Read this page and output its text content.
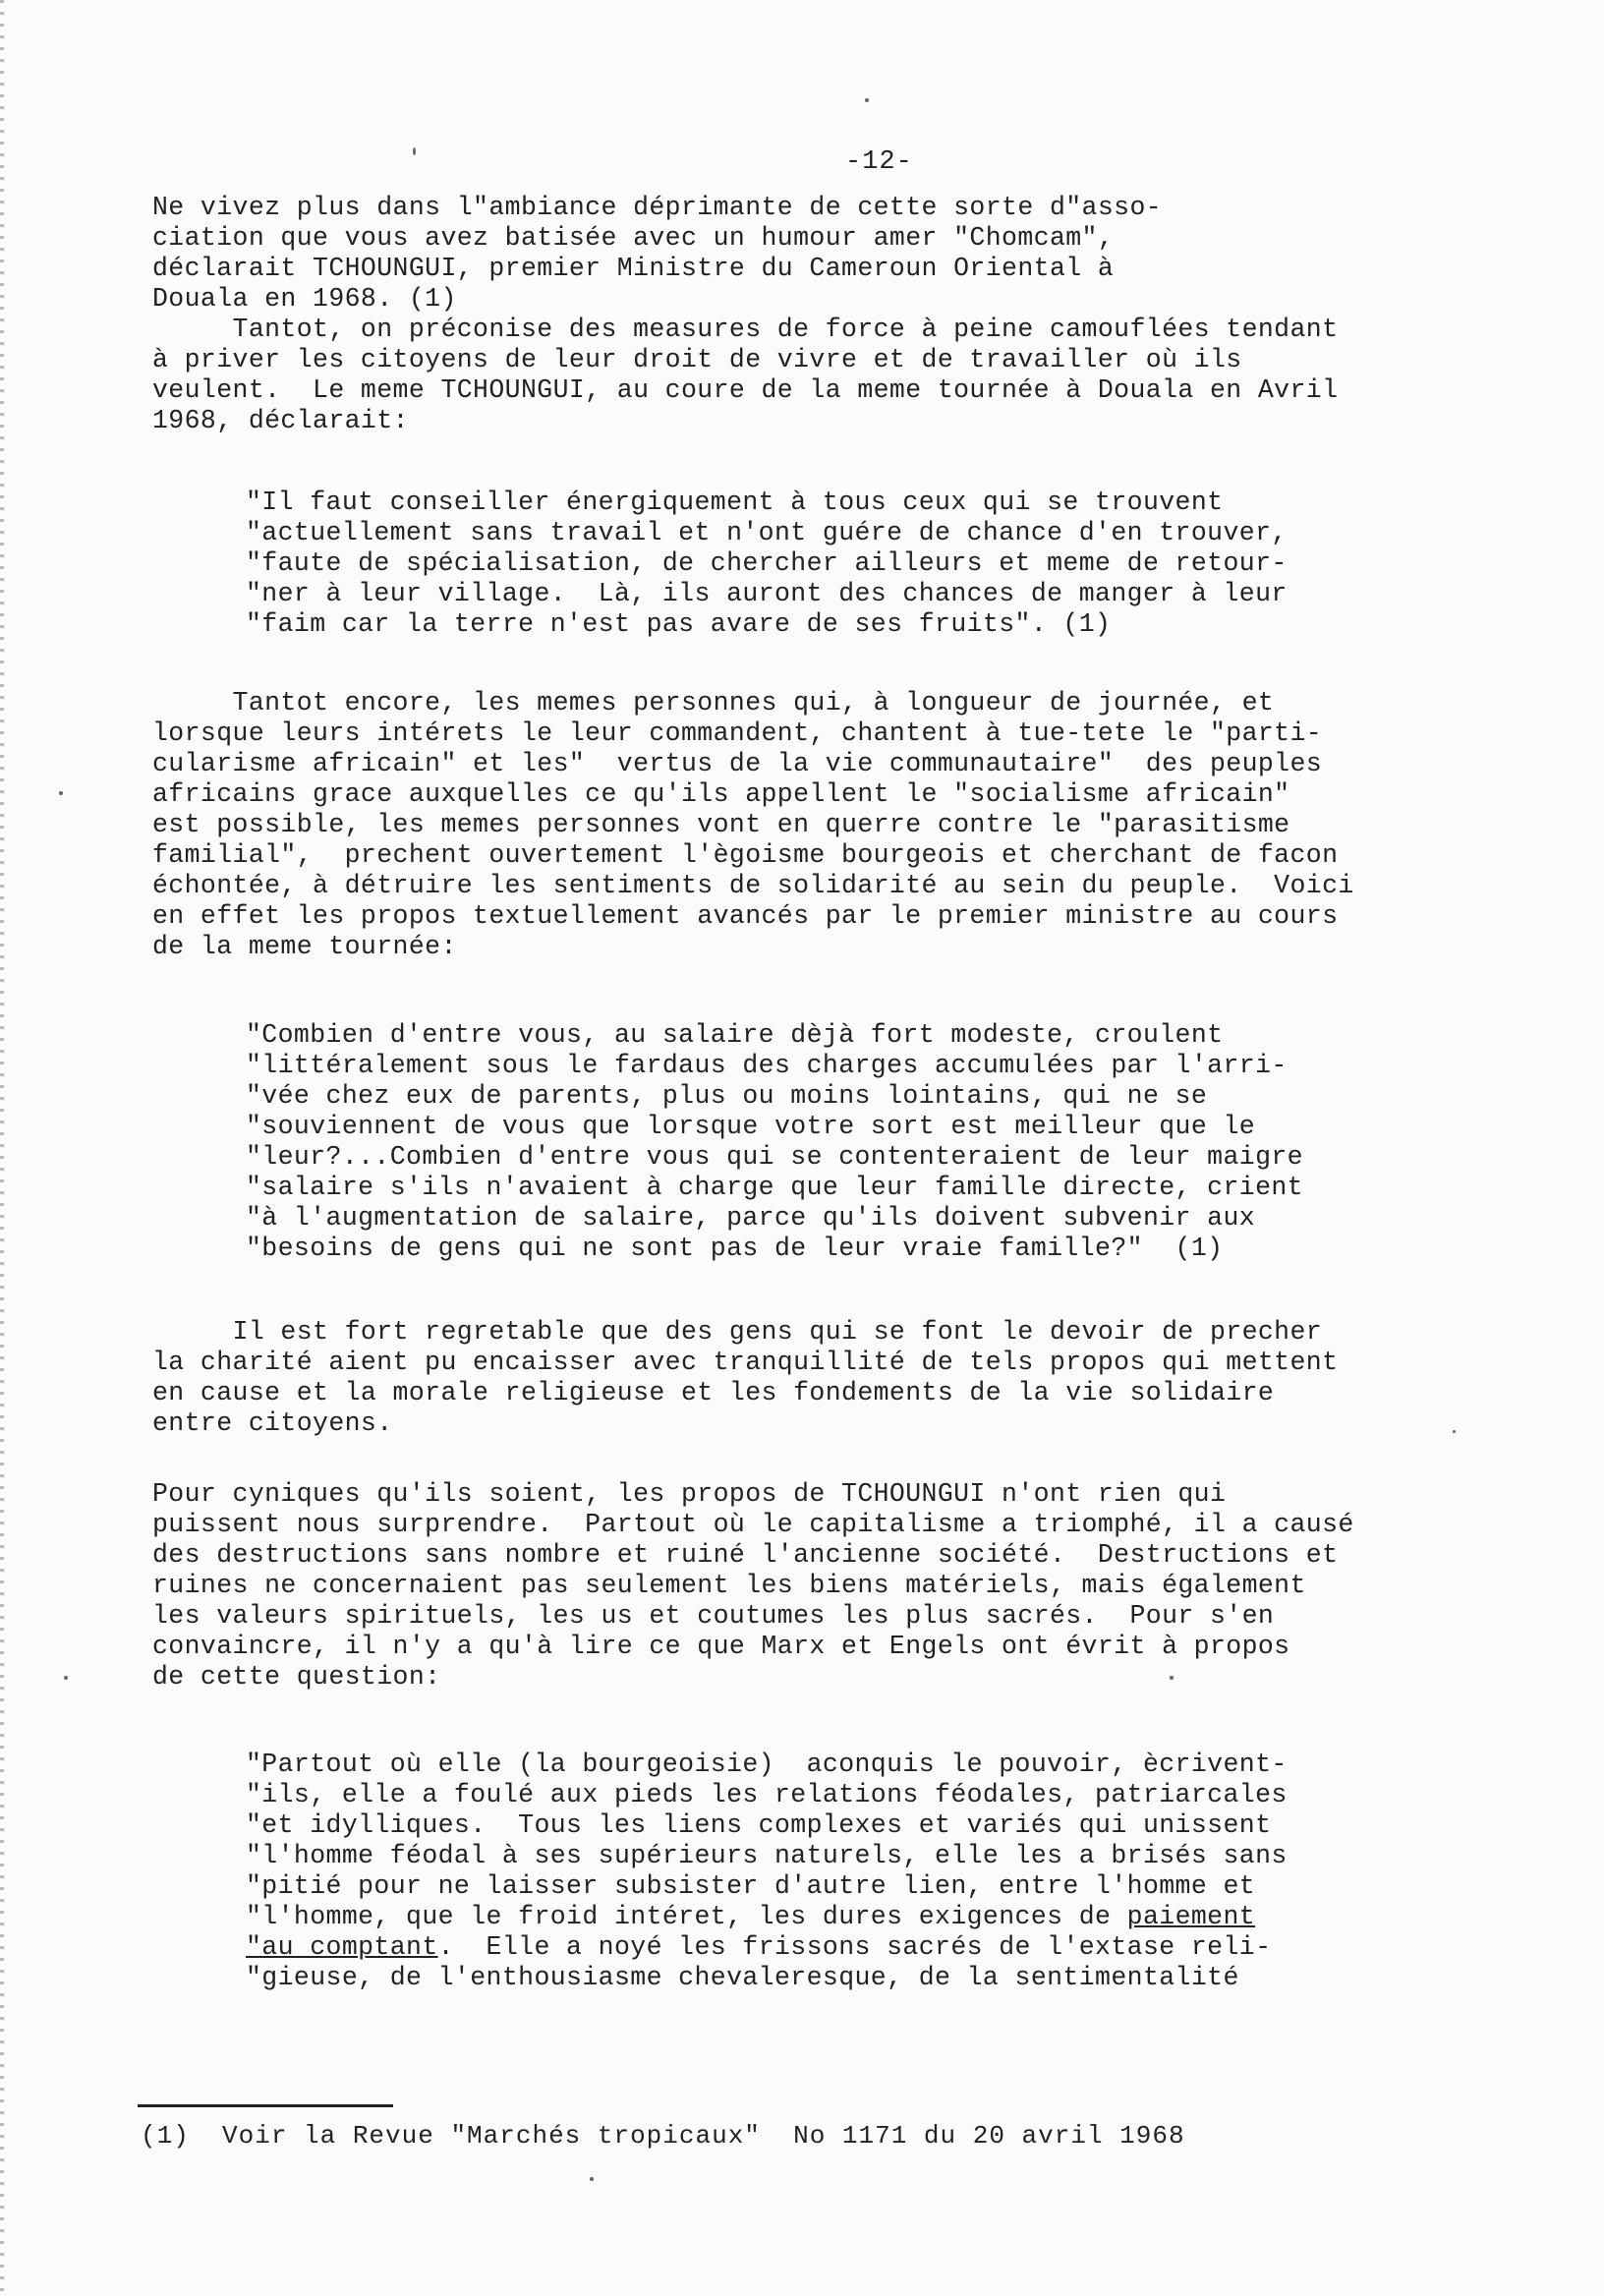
-12-
Ne vivez plus dans l"ambiance déprimante de cette sorte d"asso-
ciation que vous avez batisée avec un humour amer "Chomcam",
déclarait TCHOUNGUI, premier Ministre du Cameroun Oriental à
Douala en 1968. (1)
Tantot, on préconise des measures de force à peine camouflées tendant
à priver les citoyens de leur droit de vivre et de travailler où ils
veulent.  Le meme TCHOUNGUI, au coure de la meme tournée à Douala en Avril
1968, déclarait:
"Il faut conseiller énergiquement à tous ceux qui se trouvent
"actuellement sans travail et n'ont guére de chance d'en trouver,
"faute de spécialisation, de chercher ailleurs et meme de retour-
"ner à leur village.  Là, ils auront des chances de manger à leur
"faim car la terre n'est pas avare de ses fruits". (1)
Tantot encore, les memes personnes qui, à longueur de journée, et
lorsque leurs intérets le leur commandent, chantent à tue-tete le "parti-
cularisme africain" et les"  vertus de la vie communautaire"  des peuples
africains grace auxquelles ce qu'ils appellent le "socialisme africain"
est possible, les memes personnes vont en querre contre le "parasitisme
familial",  prechent ouvertement l'ègoisme bourgeois et cherchant de facon
échontée, à détruire les sentiments de solidarité au sein du peuple.  Voici
en effet les propos textuellement avancés par le premier ministre au cours
de la meme tournée:
"Combien d'entre vous, au salaire dèjà fort modeste, croulent
"littéralement sous le fardaus des charges accumulées par l'arri-
"vée chez eux de parents, plus ou moins lointains, qui ne se
"souviennent de vous que lorsque votre sort est meilleur que le
"leur?...Combien d'entre vous qui se contenteraient de leur maigre
"salaire s'ils n'avaient à charge que leur famille directe, crient
"à l'augmentation de salaire, parce qu'ils doivent subvenir aux
"besoins de gens qui ne sont pas de leur vraie famille?"  (1)
Il est fort regretable que des gens qui se font le devoir de precher
la charité aient pu encaisser avec tranquillité de tels propos qui mettent
en cause et la morale religieuse et les fondements de la vie solidaire
entre citoyens.
Pour cyniques qu'ils soient, les propos de TCHOUNGUI n'ont rien qui
puissent nous surprendre.  Partout où le capitalisme a triomphé, il a causé
des destructions sans nombre et ruiné l'ancienne société.  Destructions et
ruines ne concernaient pas seulement les biens matériels, mais également
les valeurs spirituels, les us et coutumes les plus sacrés.  Pour s'en
convaincre, il n'y a qu'à lire ce que Marx et Engels ont évrit à propos
de cette question:
"Partout où elle (la bourgeoisie)  aconquis le pouvoir, ècrivent-
"ils, elle a foulé aux pieds les relations féodales, patriarcales
"et idylliques.  Tous les liens complexes et variés qui unissent
"l'homme féodal à ses supérieurs naturels, elle les a brisés sans
"pitié pour ne laisser subsister d'autre lien, entre l'homme et
"l'homme, que le froid intéret, les dures exigences de paiement
"au comptant.  Elle a noyé les frissons sacrés de l'extase reli-
"gieuse, de l'enthousiasme chevaleresque, de la sentimentalité
(1)  Voir la Revue "Marchés tropicaux"  No 1171 du 20 avril 1968
